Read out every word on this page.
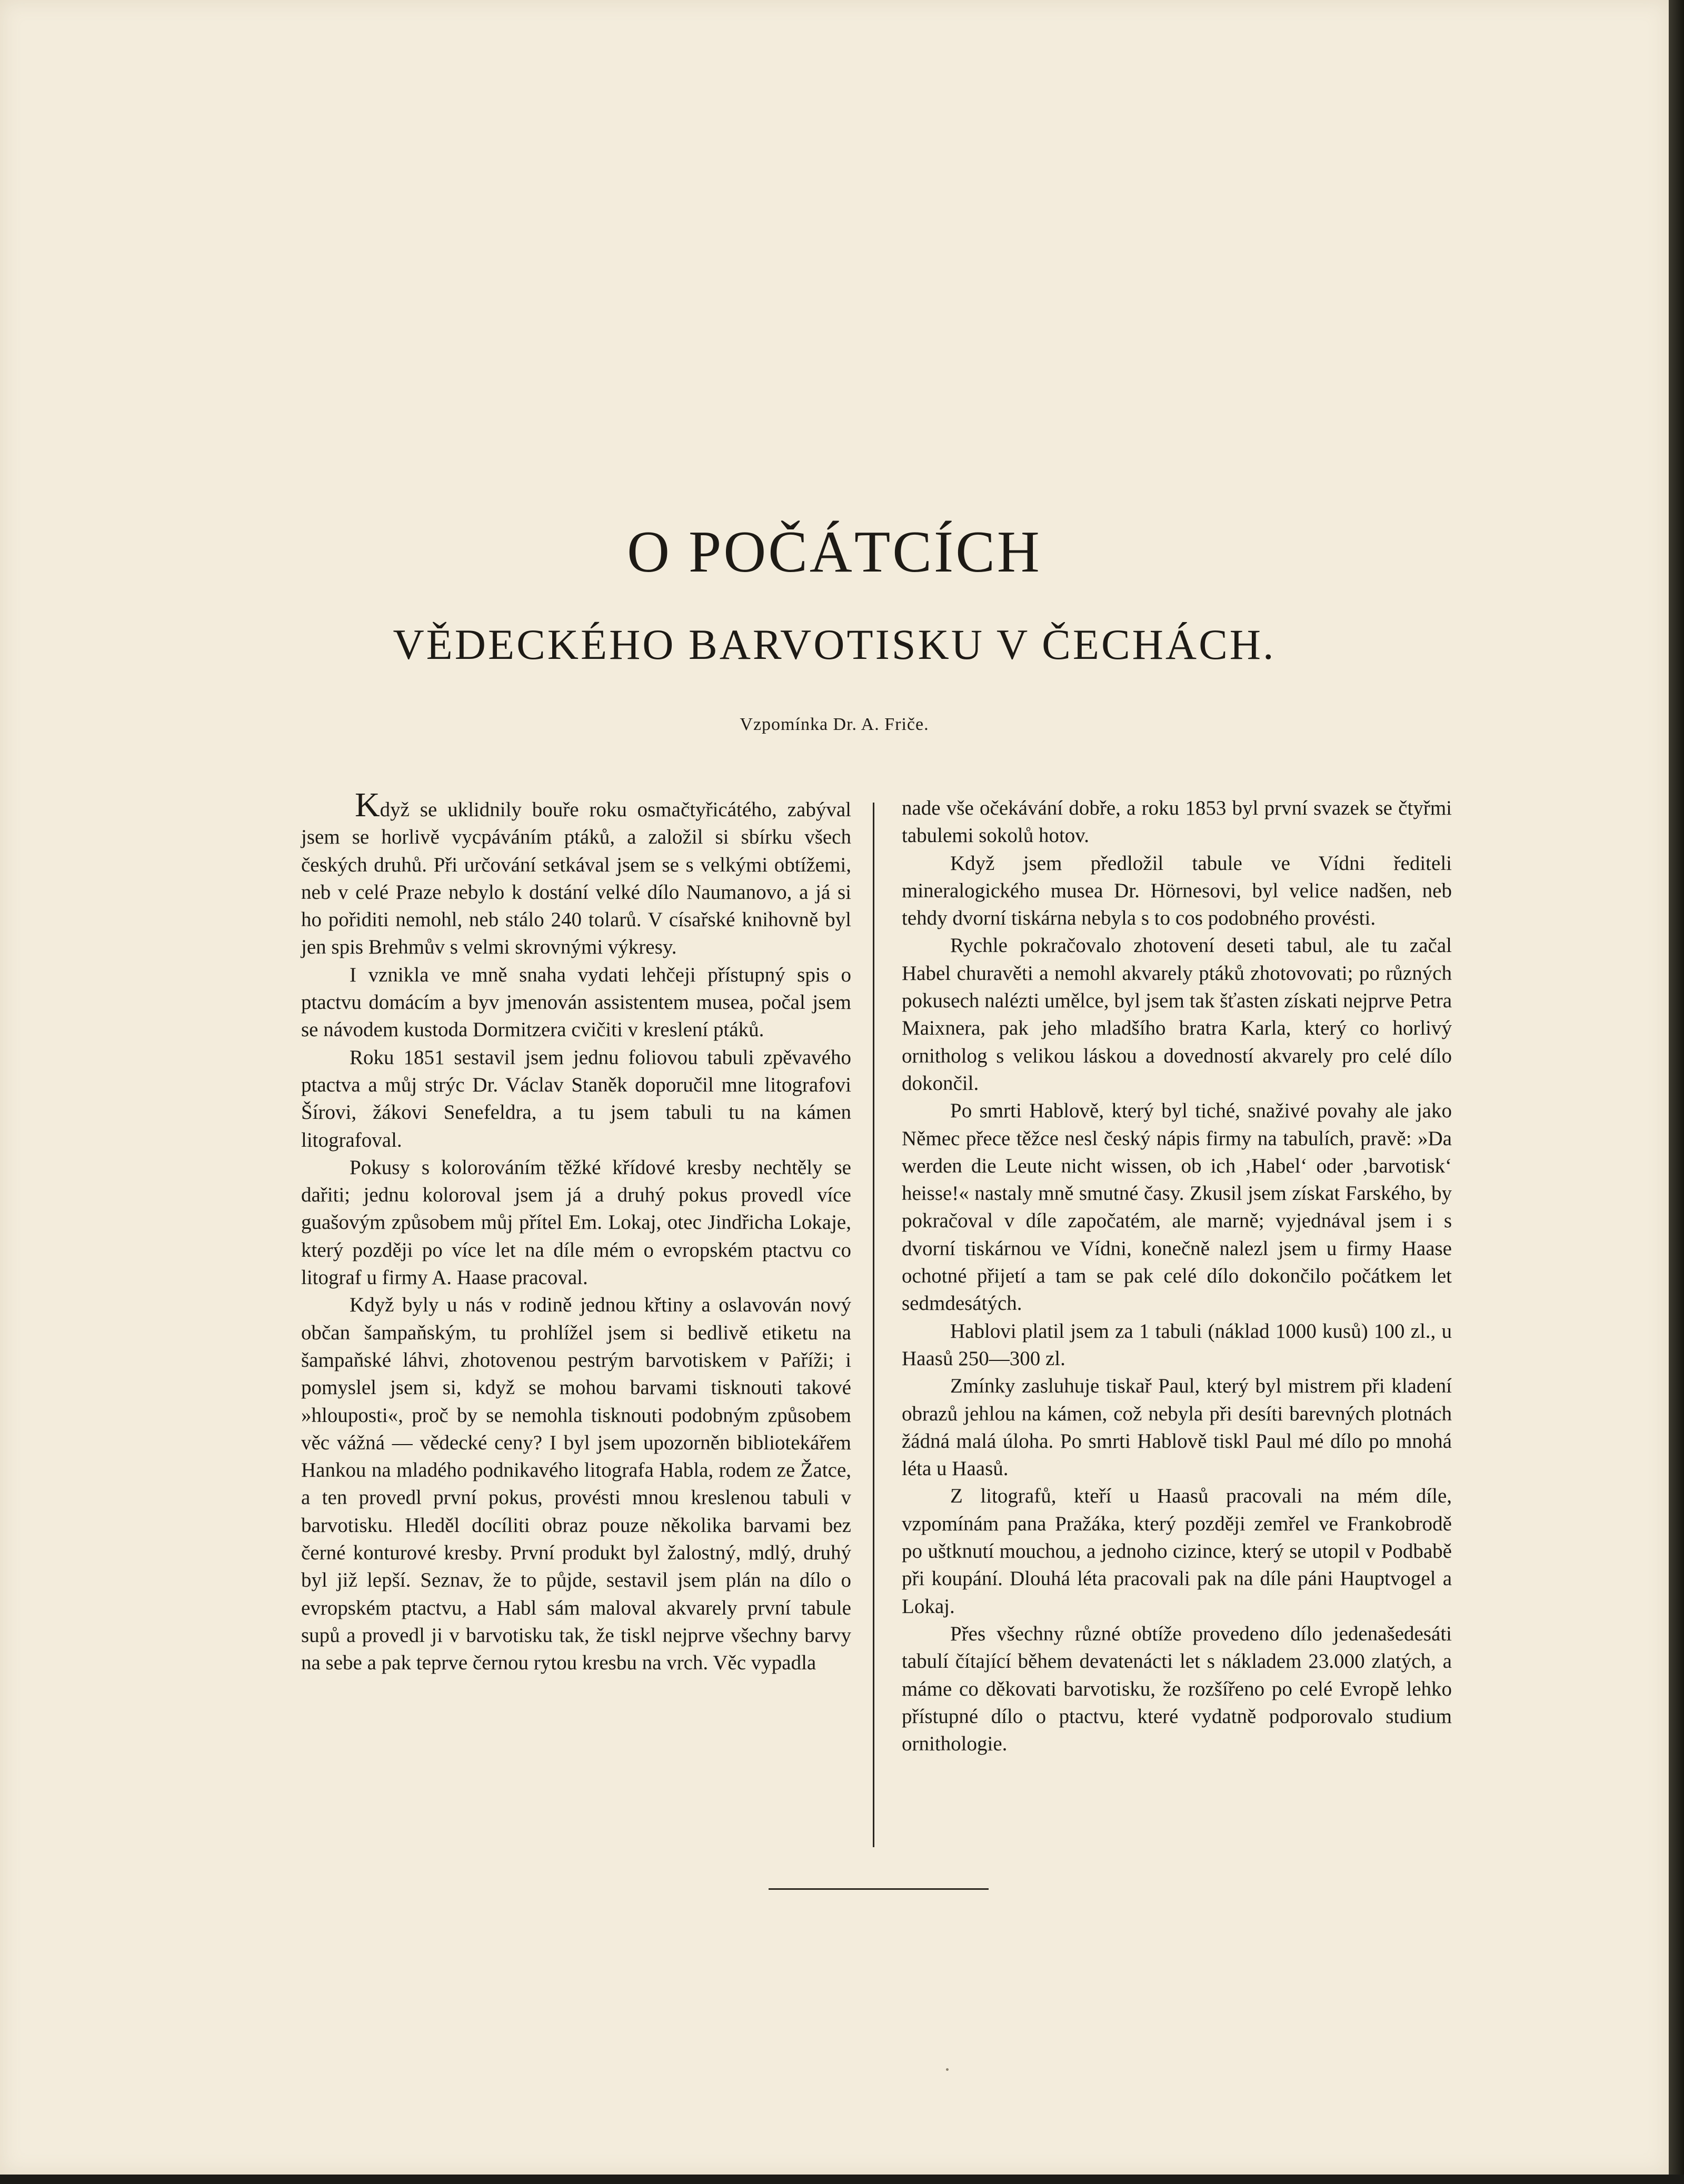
O POČÁTCÍCH
VĚDECKÉHO BARVOTISKU V ČECHÁCH.
Vzpomínka Dr. A. Friče.

Když se uklidnily bouře roku osmačtyřicátého, zabýval jsem se horlivě vycpáváním ptáků, a založil si sbírku všech českých druhů. Při určování setkával jsem se s velkými obtížemi, neb v celé Praze nebylo k dostání velké dílo Naumanovo, a já si ho pořiditi nemohl, neb stálo 240 tolarů. V císařské knihovně byl jen spis Brehmův s velmi skrovnými výkresy.

I vznikla ve mně snaha vydati lehčeji přístupný spis o ptactvu domácím a byv jmenován assistentem musea, počal jsem se návodem kustoda Dormitzera cvičiti v kreslení ptáků.

Roku 1851 sestavil jsem jednu foliovou tabuli zpěvavého ptactva a můj strýc Dr. Václav Staněk doporučil mne litografovi Šírovi, žákovi Senefeldra, a tu jsem tabuli tu na kámen litografoval.

Pokusy s kolorováním těžké křídové kresby nechtěly se dařiti; jednu koloroval jsem já a druhý pokus provedl více guašovým způsobem můj přítel Em. Lokaj, otec Jindřicha Lokaje, který později po více let na díle mém o evropském ptactvu co litograf u firmy A. Haase pracoval.

Když byly u nás v rodině jednou křtiny a oslavován nový občan šampaňským, tu prohlížel jsem si bedlivě etiketu na šampaňské láhvi, zhotovenou pestrým barvotiskem v Paříži; i pomyslel jsem si, když se mohou barvami tisknouti takové »hlouposti«, proč by se nemohla tisknouti podobným způsobem věc vážná — vědecké ceny? I byl jsem upozorněn bibliotekářem Hankou na mladého podnikavého litografa Habla, rodem ze Žatce, a ten provedl první pokus, provésti mnou kreslenou tabuli v barvotisku. Hleděl docíliti obraz pouze několika barvami bez černé konturové kresby. První produkt byl žalostný, mdlý, druhý byl již lepší. Seznav, že to půjde, sestavil jsem plán na dílo o evropském ptactvu, a Habl sám maloval akvarely první tabule supů a provedl ji v barvotisku tak, že tiskl nejprve všechny barvy na sebe a pak teprve černou rytou kresbu na vrch. Věc vypadla

nade vše očekávání dobře, a roku 1853 byl první svazek se čtyřmi tabulemi sokolů hotov.

Když jsem předložil tabule ve Vídni řediteli mineralogického musea Dr. Hörnesovi, byl velice nadšen, neb tehdy dvorní tiskárna nebyla s to cos podobného provésti.

Rychle pokračovalo zhotovení deseti tabul, ale tu začal Habel churavěti a nemohl akvarely ptáků zhotovovati; po různých pokusech nalézti umělce, byl jsem tak šťasten získati nejprve Petra Maixnera, pak jeho mladšího bratra Karla, který co horlivý ornitholog s velikou láskou a dovedností akvarely pro celé dílo dokončil.

Po smrti Hablově, který byl tiché, snaživé povahy ale jako Němec přece těžce nesl český nápis firmy na tabulích, pravě: »Da werden die Leute nicht wissen, ob ich ‚Habel‘ oder ‚barvotisk‘ heisse!« nastaly mně smutné časy. Zkusil jsem získat Farského, by pokračoval v díle započatém, ale marně; vyjednával jsem i s dvorní tiskárnou ve Vídni, konečně nalezl jsem u firmy Haase ochotné přijetí a tam se pak celé dílo dokončilo počátkem let sedmdesátých.

Hablovi platil jsem za 1 tabuli (náklad 1000 kusů) 100 zl., u Haasů 250—300 zl.

Zmínky zasluhuje tiskař Paul, který byl mistrem při kladení obrazů jehlou na kámen, což nebyla při desíti barevných plotnách žádná malá úloha. Po smrti Hablově tiskl Paul mé dílo po mnohá léta u Haasů.

Z litografů, kteří u Haasů pracovali na mém díle, vzpomínám pana Pražáka, který později zemřel ve Frankobrodě po uštknutí mouchou, a jednoho cizince, který se utopil v Podbabě při koupání. Dlouhá léta pracovali pak na díle páni Hauptvogel a Lokaj.

Přes všechny různé obtíže provedeno dílo jedenašedesáti tabulí čítající během devatenácti let s nákladem 23.000 zlatých, a máme co děkovati barvotisku, že rozšířeno po celé Evropě lehko přístupné dílo o ptactvu, které vydatně podporovalo studium ornithologie.
